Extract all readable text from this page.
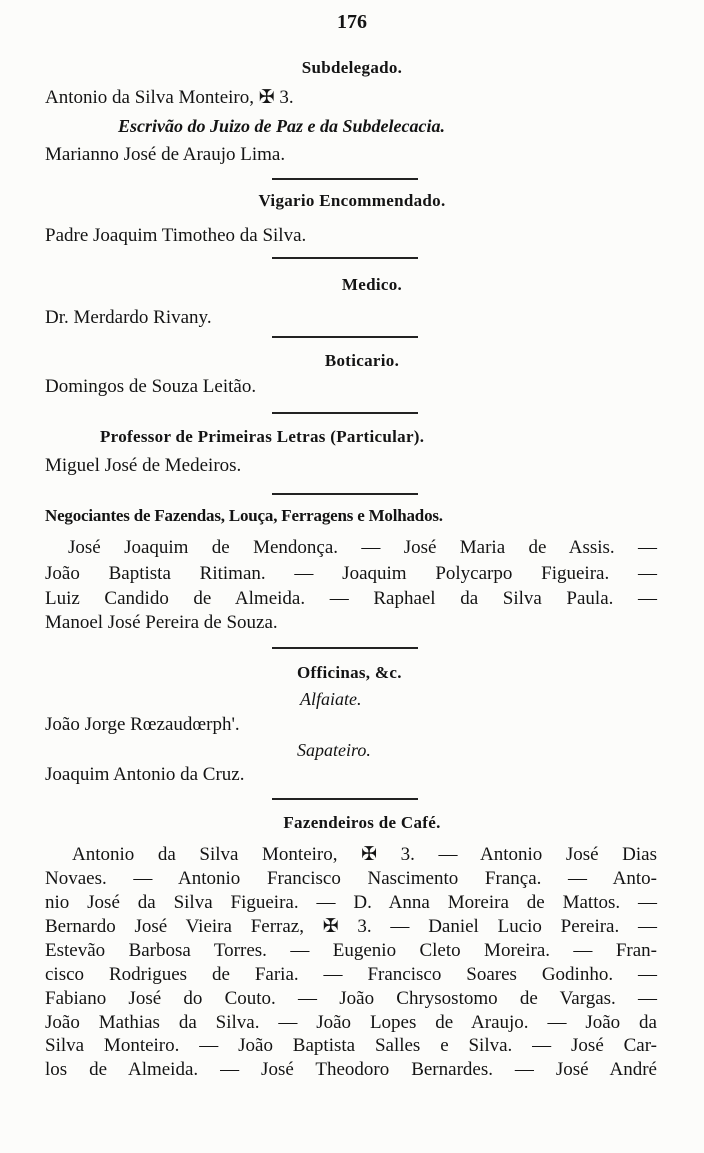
176
Subdelegado.
Antonio da Silva Monteiro, ✠ 3.
Escrivão do Juizo de Paz e da Subdelecacia.
Marianno José de Araujo Lima.
Vigario Encommendado.
Padre Joaquim Timotheo da Silva.
Medico.
Dr. Merdardo Rivany.
Boticario.
Domingos de Souza Leitão.
Professor de Primeiras Letras (Particular).
Miguel José de Medeiros.
Negociantes de Fazendas, Louça, Ferragens e Molhados.
José Joaquim de Mendonça. — José Maria de Assis. —
João Baptista Ritiman. — Joaquim Polycarpo Figueira. —
Luiz Candido de Almeida. — Raphael da Silva Paula. —
Manoel José Pereira de Souza.
Officinas, &c.
Alfaiate.
João Jorge Rœzaudœrph'.
Sapateiro.
Joaquim Antonio da Cruz.
Fazendeiros de Café.
Antonio da Silva Monteiro, ✠ 3. — Antonio José Dias
Novaes. — Antonio Francisco Nascimento França. — Anto-
nio José da Silva Figueira. — D. Anna Moreira de Mattos. —
Bernardo José Vieira Ferraz, ✠ 3. — Daniel Lucio Pereira. —
Estevão Barbosa Torres. — Eugenio Cleto Moreira. — Fran-
cisco Rodrigues de Faria. — Francisco Soares Godinho. —
Fabiano José do Couto. — João Chrysostomo de Vargas. —
João Mathias da Silva. — João Lopes de Araujo. — João da
Silva Monteiro. — João Baptista Salles e Silva. — José Car-
los de Almeida. — José Theodoro Bernardes. — José André
